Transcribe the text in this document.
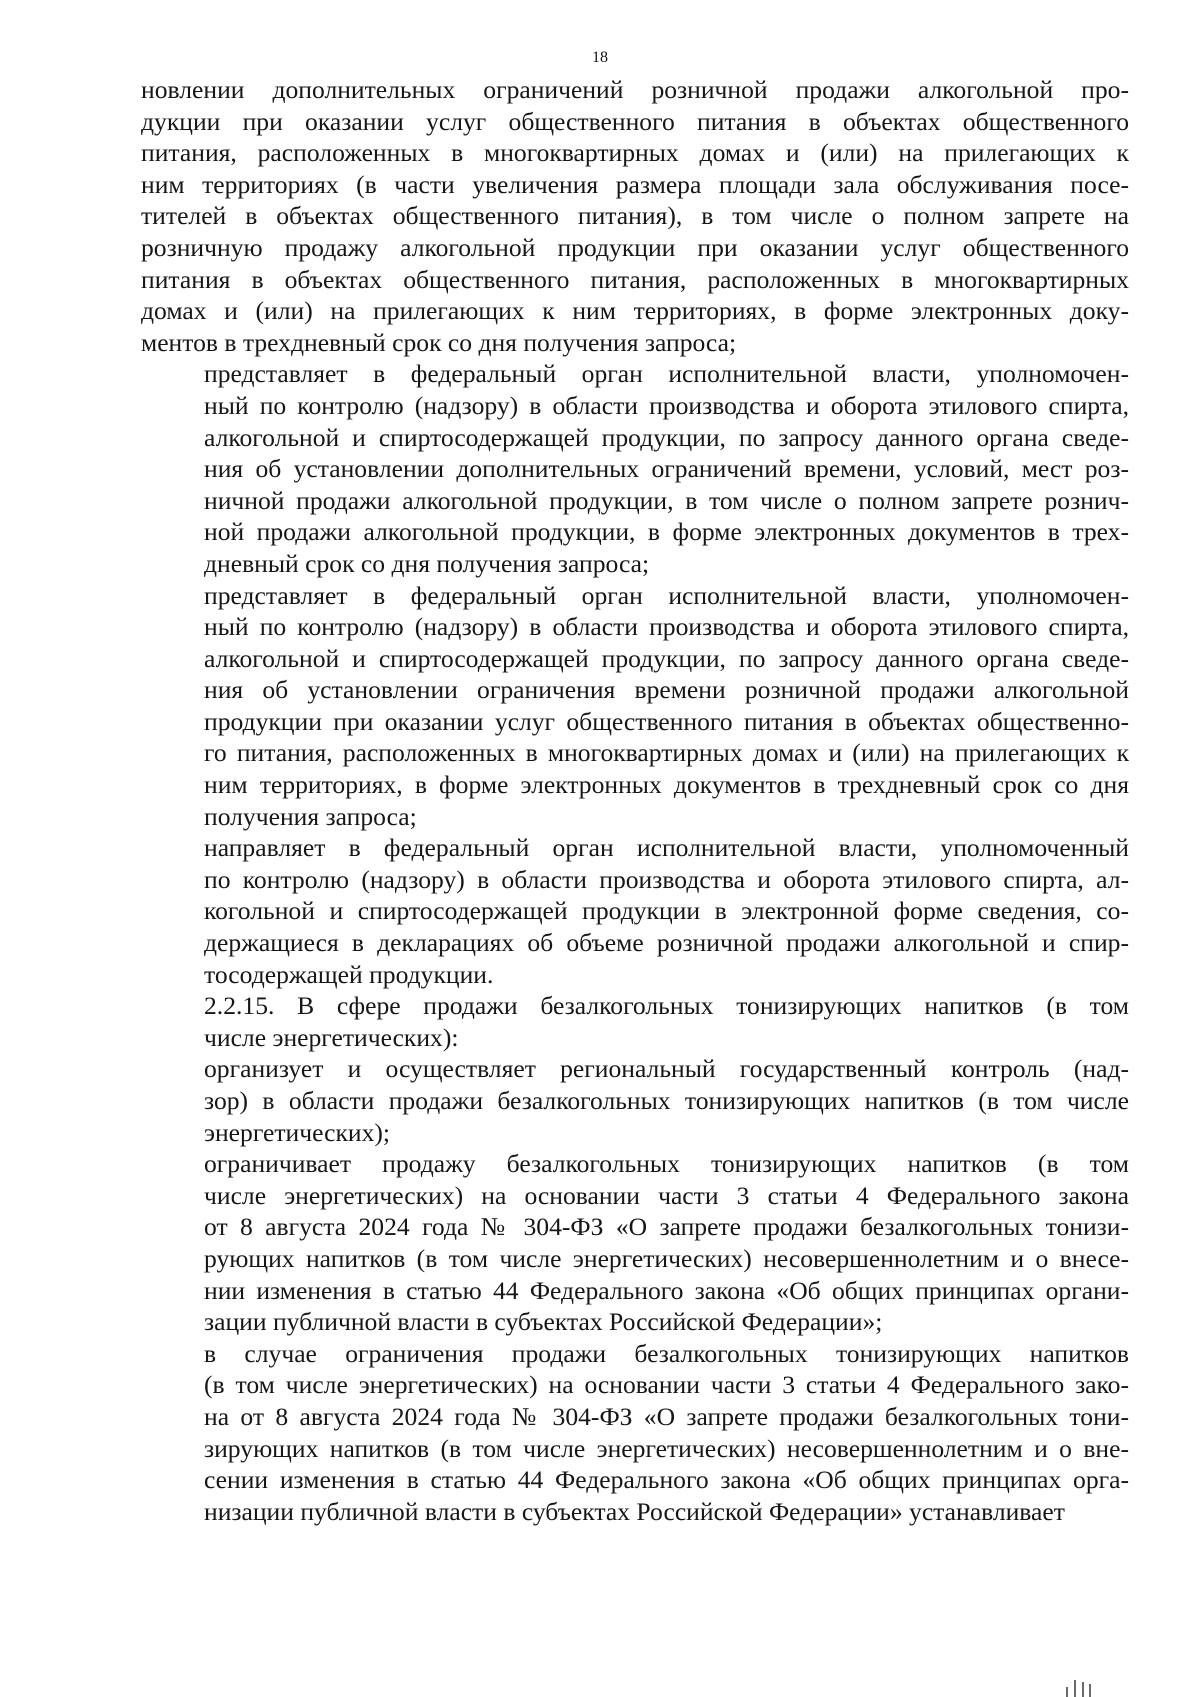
18

новлении дополнительных ограничений розничной продажи алкогольной про-
дукции при оказании услуг общественного питания в объектах общественного
питания, расположенных в многоквартирных домах и (или) на прилегающих к
ним территориях (в части увеличения размера площади зала обслуживания посе-
тителей в объектах общественного питания), в том числе о полном запрете на
розничную продажу алкогольной продукции при оказании услуг общественного
питания в объектах общественного питания, расположенных в многоквартирных
домах и (или) на прилегающих к ним территориях, в форме электронных доку-
ментов в трехдневный срок со дня получения запроса;

представляет в федеральный орган исполнительной власти, уполномочен-
ный по контролю (надзору) в области производства и оборота этилового спирта,
алкогольной и спиртосодержащей продукции, по запросу данного органа сведе-
ния об установлении дополнительных ограничений времени, условий, мест роз-
ничной продажи алкогольной продукции, в том числе о полном запрете рознич-
ной продажи алкогольной продукции, в форме электронных документов в трех-
дневный срок со дня получения запроса;

представляет в федеральный орган исполнительной власти, уполномочен-
ный по контролю (надзору) в области производства и оборота этилового спирта,
алкогольной и спиртосодержащей продукции, по запросу данного органа сведе-
ния об установлении ограничения времени розничной продажи алкогольной
продукции при оказании услуг общественного питания в объектах общественно-
го питания, расположенных в многоквартирных домах и (или) на прилегающих к
ним территориях, в форме электронных документов в трехдневный срок со дня
получения запроса;

направляет в федеральный орган исполнительной власти, уполномоченный
по контролю (надзору) в области производства и оборота этилового спирта, ал-
когольной и спиртосодержащей продукции в электронной форме сведения, со-
держащиеся в декларациях об объеме розничной продажи алкогольной и спир-
тосодержащей продукции.

2.2.15. В сфере продажи безалкогольных тонизирующих напитков (в том
числе энергетических):

организует и осуществляет региональный государственный контроль (над-
зор) в области продажи безалкогольных тонизирующих напитков (в том числе
энергетических);

ограничивает продажу безалкогольных тонизирующих напитков (в том
числе энергетических) на основании части 3 статьи 4 Федерального закона
от 8 августа 2024 года № 304-ФЗ «О запрете продажи безалкогольных тонизи-
рующих напитков (в том числе энергетических) несовершеннолетним и о внесе-
нии изменения в статью 44 Федерального закона «Об общих принципах органи-
зации публичной власти в субъектах Российской Федерации»;

в случае ограничения продажи безалкогольных тонизирующих напитков
(в том числе энергетических) на основании части 3 статьи 4 Федерального зако-
на от 8 августа 2024 года № 304-ФЗ «О запрете продажи безалкогольных тони-
зирующих напитков (в том числе энергетических) несовершеннолетним и о вне-
сении изменения в статью 44 Федерального закона «Об общих принципах орга-
низации публичной власти в субъектах Российской Федерации» устанавливает
